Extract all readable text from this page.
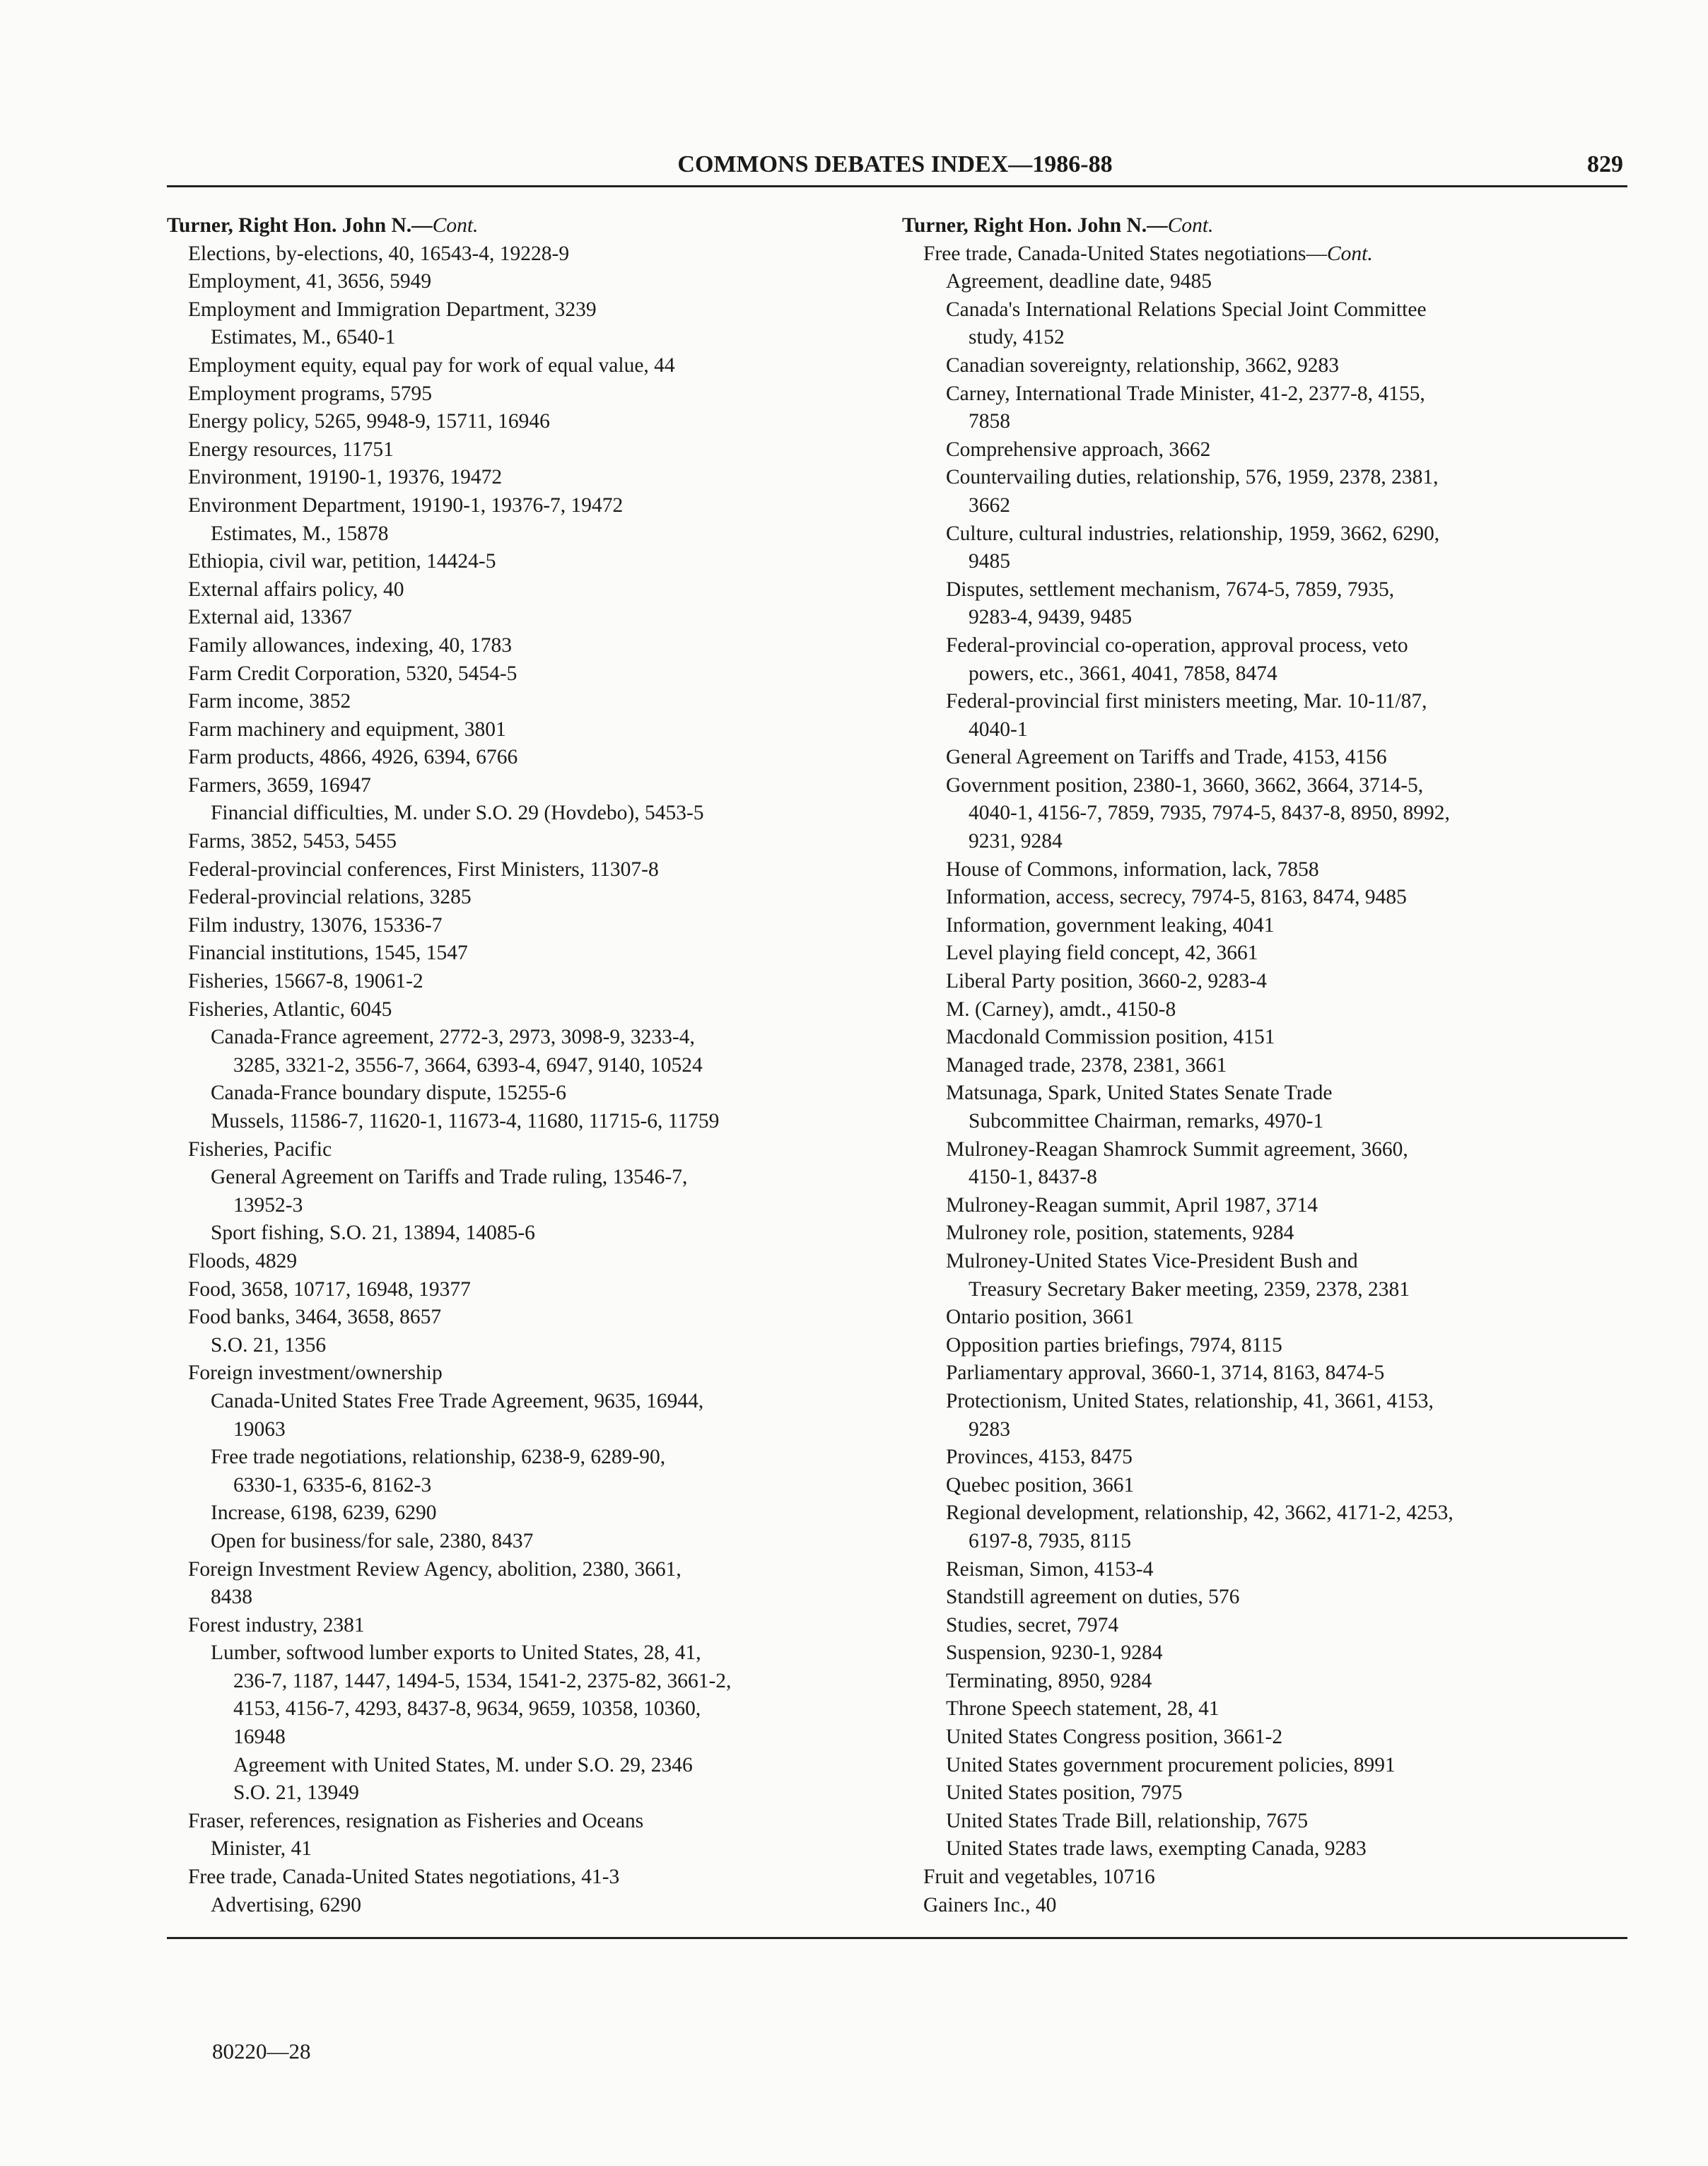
COMMONS DEBATES INDEX—1986-88	829
Turner, Right Hon. John N.—Cont.
Elections, by-elections, 40, 16543-4, 19228-9
Employment, 41, 3656, 5949
Employment and Immigration Department, 3239
Estimates, M., 6540-1
Employment equity, equal pay for work of equal value, 44
Employment programs, 5795
Energy policy, 5265, 9948-9, 15711, 16946
Energy resources, 11751
Environment, 19190-1, 19376, 19472
Environment Department, 19190-1, 19376-7, 19472
Estimates, M., 15878
Ethiopia, civil war, petition, 14424-5
External affairs policy, 40
External aid, 13367
Family allowances, indexing, 40, 1783
Farm Credit Corporation, 5320, 5454-5
Farm income, 3852
Farm machinery and equipment, 3801
Farm products, 4866, 4926, 6394, 6766
Farmers, 3659, 16947
Financial difficulties, M. under S.O. 29 (Hovdebo), 5453-5
Farms, 3852, 5453, 5455
Federal-provincial conferences, First Ministers, 11307-8
Federal-provincial relations, 3285
Film industry, 13076, 15336-7
Financial institutions, 1545, 1547
Fisheries, 15667-8, 19061-2
Fisheries, Atlantic, 6045
Canada-France agreement, 2772-3, 2973, 3098-9, 3233-4,
3285, 3321-2, 3556-7, 3664, 6393-4, 6947, 9140, 10524
Canada-France boundary dispute, 15255-6
Mussels, 11586-7, 11620-1, 11673-4, 11680, 11715-6, 11759
Fisheries, Pacific
General Agreement on Tariffs and Trade ruling, 13546-7,
13952-3
Sport fishing, S.O. 21, 13894, 14085-6
Floods, 4829
Food, 3658, 10717, 16948, 19377
Food banks, 3464, 3658, 8657
S.O. 21, 1356
Foreign investment/ownership
Canada-United States Free Trade Agreement, 9635, 16944,
19063
Free trade negotiations, relationship, 6238-9, 6289-90,
6330-1, 6335-6, 8162-3
Increase, 6198, 6239, 6290
Open for business/for sale, 2380, 8437
Foreign Investment Review Agency, abolition, 2380, 3661,
8438
Forest industry, 2381
Lumber, softwood lumber exports to United States, 28, 41,
236-7, 1187, 1447, 1494-5, 1534, 1541-2, 2375-82, 3661-2,
4153, 4156-7, 4293, 8437-8, 9634, 9659, 10358, 10360,
16948
Agreement with United States, M. under S.O. 29, 2346
S.O. 21, 13949
Fraser, references, resignation as Fisheries and Oceans
Minister, 41
Free trade, Canada-United States negotiations, 41-3
Advertising, 6290
Turner, Right Hon. John N.—Cont.
Free trade, Canada-United States negotiations—Cont.
Agreement, deadline date, 9485
Canada's International Relations Special Joint Committee
study, 4152
Canadian sovereignty, relationship, 3662, 9283
Carney, International Trade Minister, 41-2, 2377-8, 4155,
7858
Comprehensive approach, 3662
Countervailing duties, relationship, 576, 1959, 2378, 2381,
3662
Culture, cultural industries, relationship, 1959, 3662, 6290,
9485
Disputes, settlement mechanism, 7674-5, 7859, 7935,
9283-4, 9439, 9485
Federal-provincial co-operation, approval process, veto
powers, etc., 3661, 4041, 7858, 8474
Federal-provincial first ministers meeting, Mar. 10-11/87,
4040-1
General Agreement on Tariffs and Trade, 4153, 4156
Government position, 2380-1, 3660, 3662, 3664, 3714-5,
4040-1, 4156-7, 7859, 7935, 7974-5, 8437-8, 8950, 8992,
9231, 9284
House of Commons, information, lack, 7858
Information, access, secrecy, 7974-5, 8163, 8474, 9485
Information, government leaking, 4041
Level playing field concept, 42, 3661
Liberal Party position, 3660-2, 9283-4
M. (Carney), amdt., 4150-8
Macdonald Commission position, 4151
Managed trade, 2378, 2381, 3661
Matsunaga, Spark, United States Senate Trade
Subcommittee Chairman, remarks, 4970-1
Mulroney-Reagan Shamrock Summit agreement, 3660,
4150-1, 8437-8
Mulroney-Reagan summit, April 1987, 3714
Mulroney role, position, statements, 9284
Mulroney-United States Vice-President Bush and
Treasury Secretary Baker meeting, 2359, 2378, 2381
Ontario position, 3661
Opposition parties briefings, 7974, 8115
Parliamentary approval, 3660-1, 3714, 8163, 8474-5
Protectionism, United States, relationship, 41, 3661, 4153,
9283
Provinces, 4153, 8475
Quebec position, 3661
Regional development, relationship, 42, 3662, 4171-2, 4253,
6197-8, 7935, 8115
Reisman, Simon, 4153-4
Standstill agreement on duties, 576
Studies, secret, 7974
Suspension, 9230-1, 9284
Terminating, 8950, 9284
Throne Speech statement, 28, 41
United States Congress position, 3661-2
United States government procurement policies, 8991
United States position, 7975
United States Trade Bill, relationship, 7675
United States trade laws, exempting Canada, 9283
Fruit and vegetables, 10716
Gainers Inc., 40
80220—28
